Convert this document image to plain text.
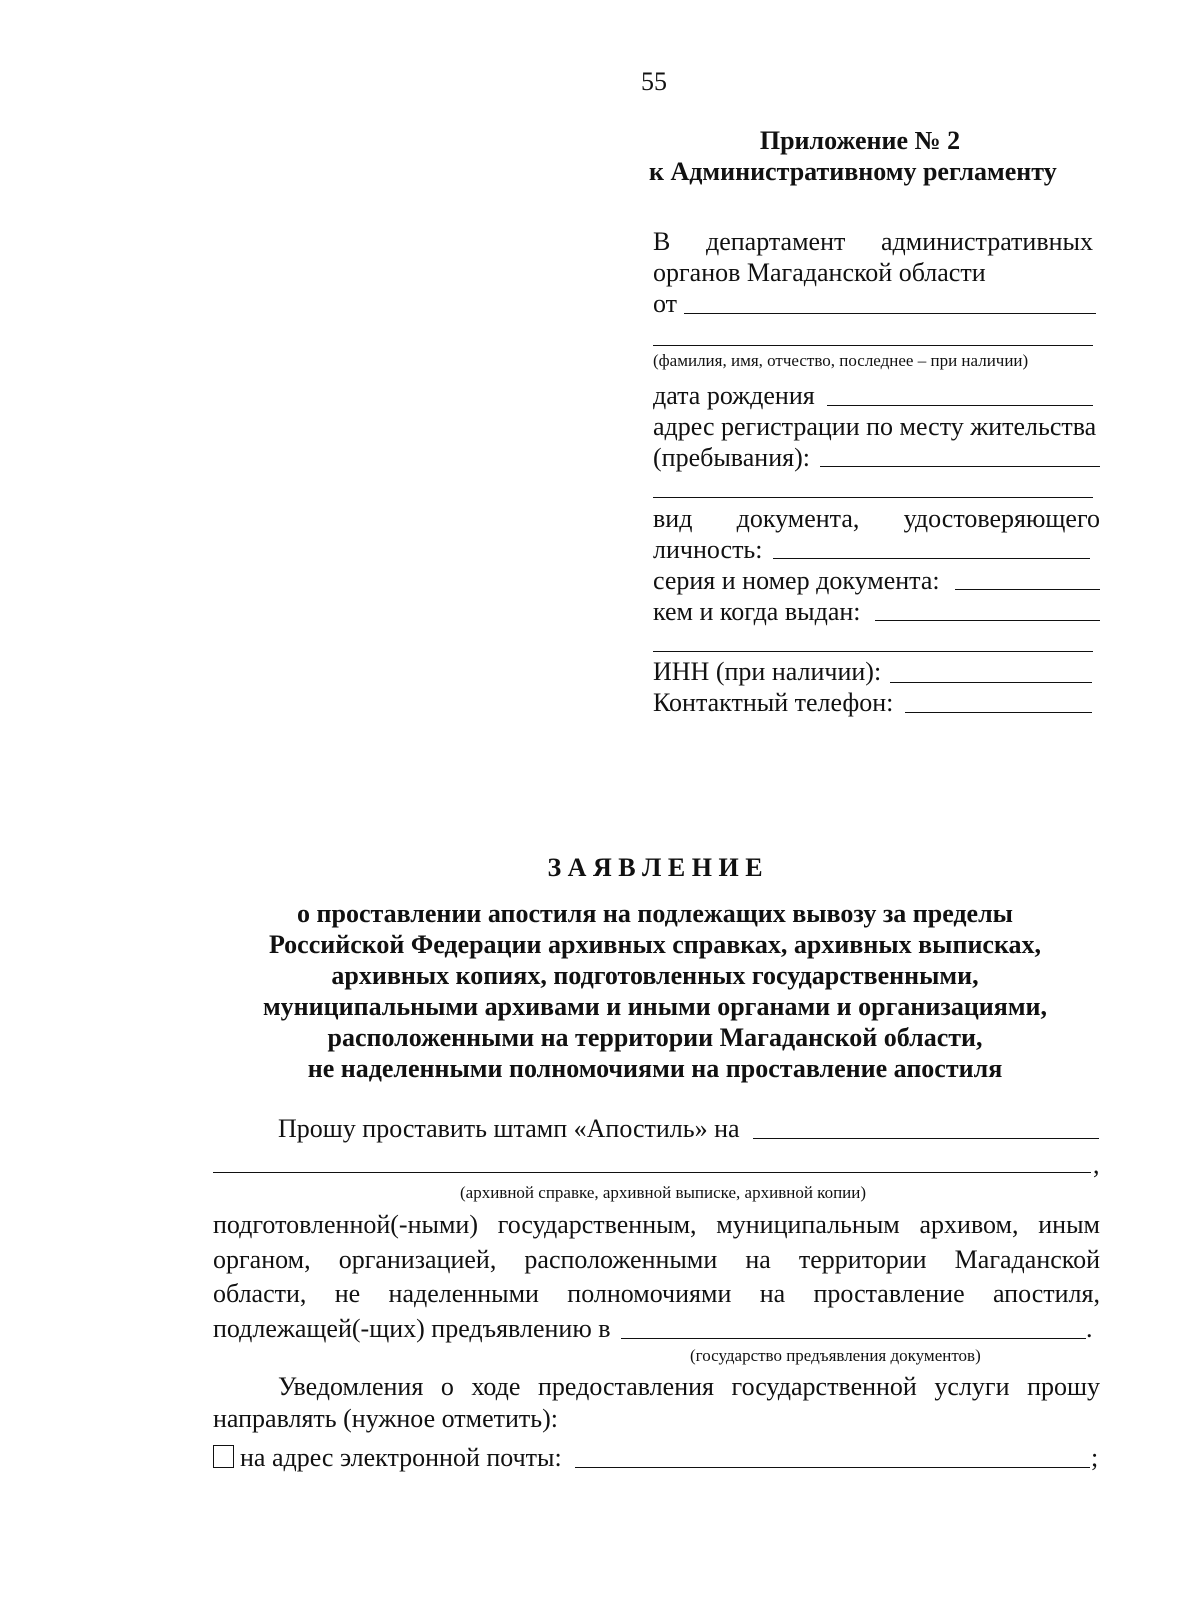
55
Приложение № 2
к Административному регламенту
В департамент административных
органов Магаданской области
от
(фамилия, имя, отчество, последнее – при наличии)
дата рождения
адрес регистрации по месту жительства
(пребывания):
вид документа, удостоверяющего
личность:
серия и номер документа:
кем и когда выдан:
ИНН (при наличии):
Контактный телефон:
З А Я В Л Е Н И Е
о проставлении апостиля на подлежащих вывозу за пределы
Российской Федерации архивных справках, архивных выписках,
архивных копиях, подготовленных государственными,
муниципальными архивами и иными органами и организациями,
расположенными на территории Магаданской области,
не наделенными полномочиями на проставление апостиля
Прошу проставить штамп «Апостиль» на
,
(архивной справке, архивной выписке, архивной копии)
подготовленной(-ными) государственным, муниципальным архивом, иным
органом, организацией, расположенными на территории Магаданской
области, не наделенными полномочиями на проставление апостиля,
подлежащей(-щих) предъявлению в	.
(государство предъявления документов)
Уведомления о ходе предоставления государственной услуги прошу
направлять (нужное отметить):
на адрес электронной почты:	;
